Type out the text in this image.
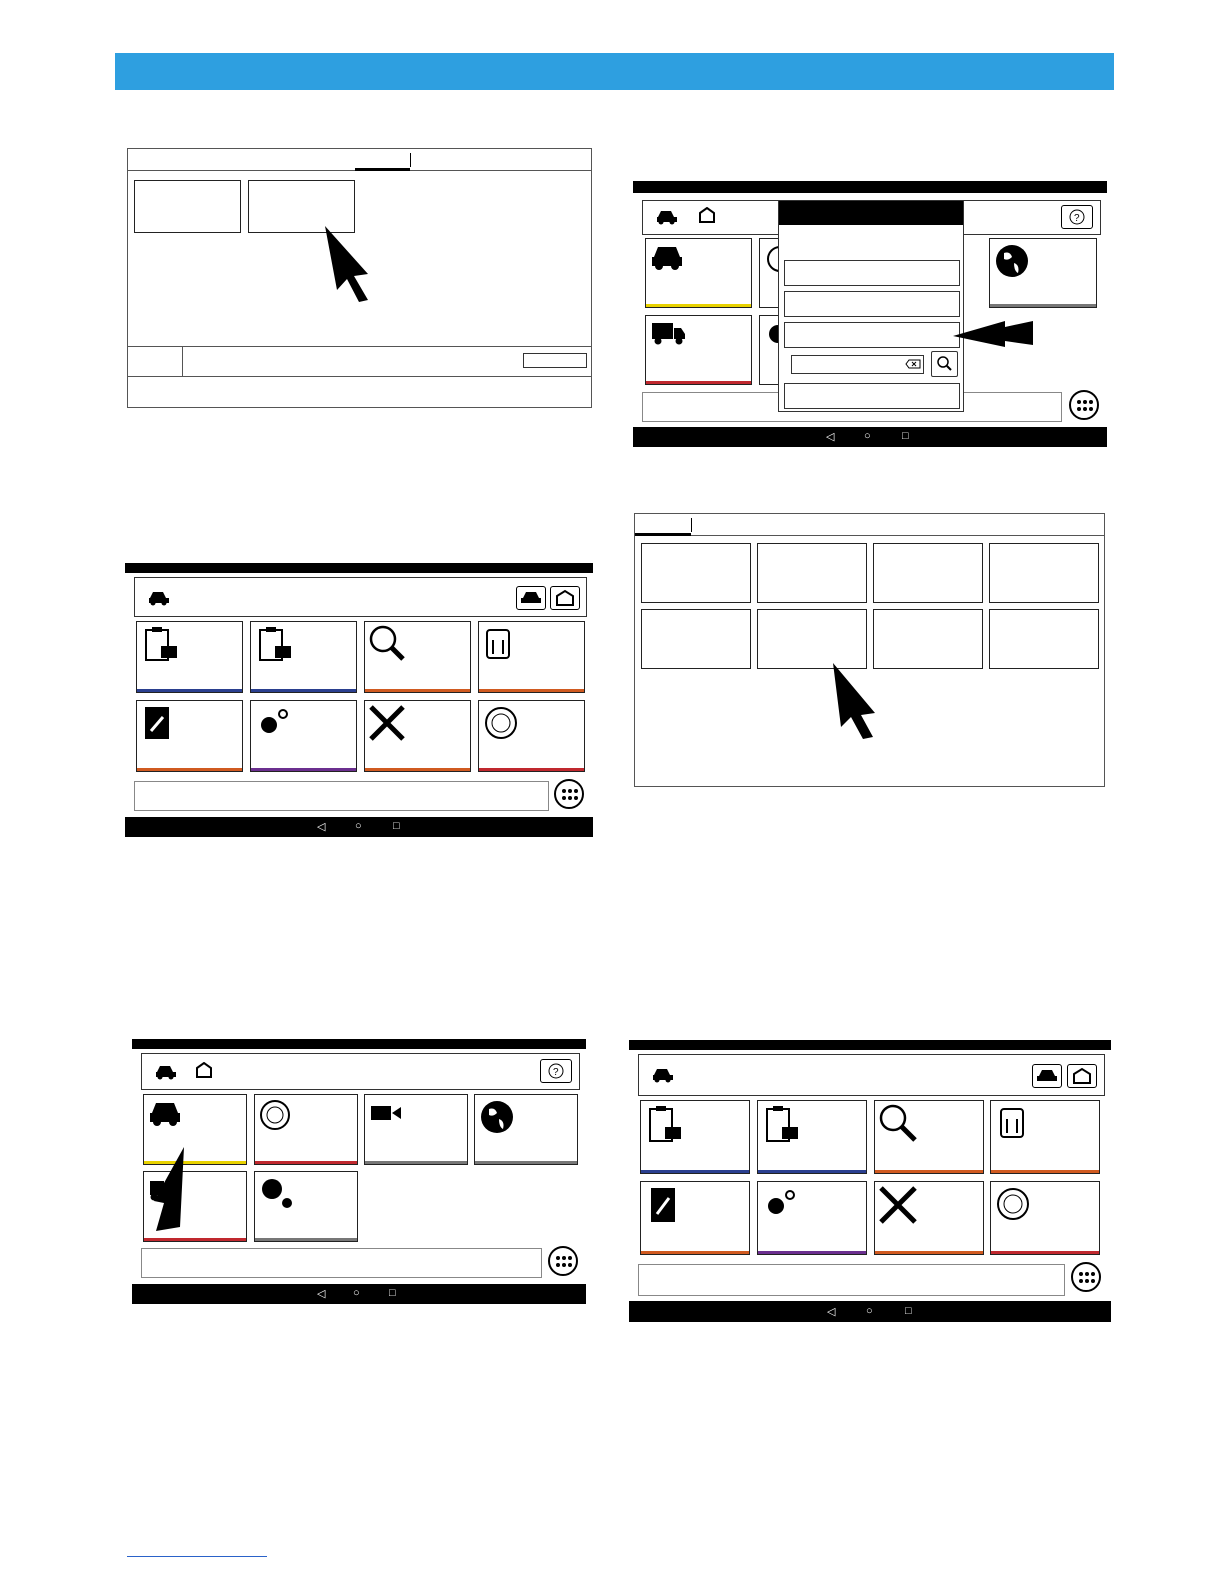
?
◁	○	□
◁	○	□
?
◁	○	□
◁	○	□
